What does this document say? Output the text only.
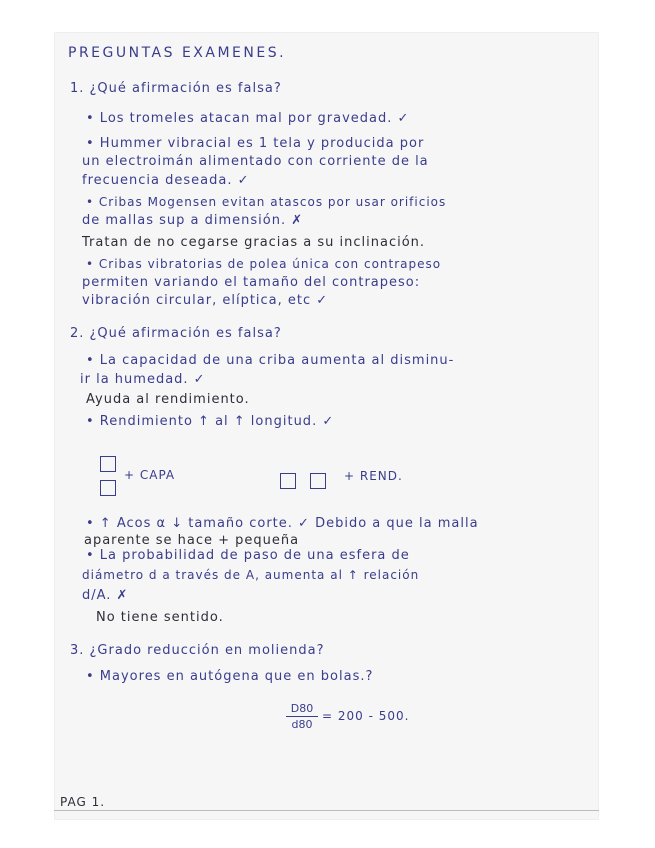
PREGUNTAS EXAMENES.
1. ¿Qué afirmación es falsa?
• Los tromeles atacan mal por gravedad. ✓
• Hummer vibracial es 1 tela y producida por
un electroimán alimentado con corriente de la
frecuencia deseada. ✓
• Cribas Mogensen evitan atascos por usar orificios
de mallas sup a dimensión. ✗
Tratan de no cegarse gracias a su inclinación.
• Cribas vibratorias de polea única con contrapeso
permiten variando el tamaño del contrapeso:
vibración circular, elíptica, etc ✓
2. ¿Qué afirmación es falsa?
• La capacidad de una criba aumenta al disminu-
ir la humedad. ✓
Ayuda al rendimiento.
• Rendimiento ↑ al ↑ longitud. ✓
+ CAPA	+ REND.
• ↑ Acos α ↓ tamaño corte. ✓ Debido a que la malla
aparente se hace + pequeña
• La probabilidad de paso de una esfera de
diámetro d a través de A, aumenta al ↑ relación
d/A. ✗
No tiene sentido.
3. ¿Grado reducción en molienda?
• Mayores en autógena que en bolas.?
D80
d80
= 200 - 500.
PAG 1.
